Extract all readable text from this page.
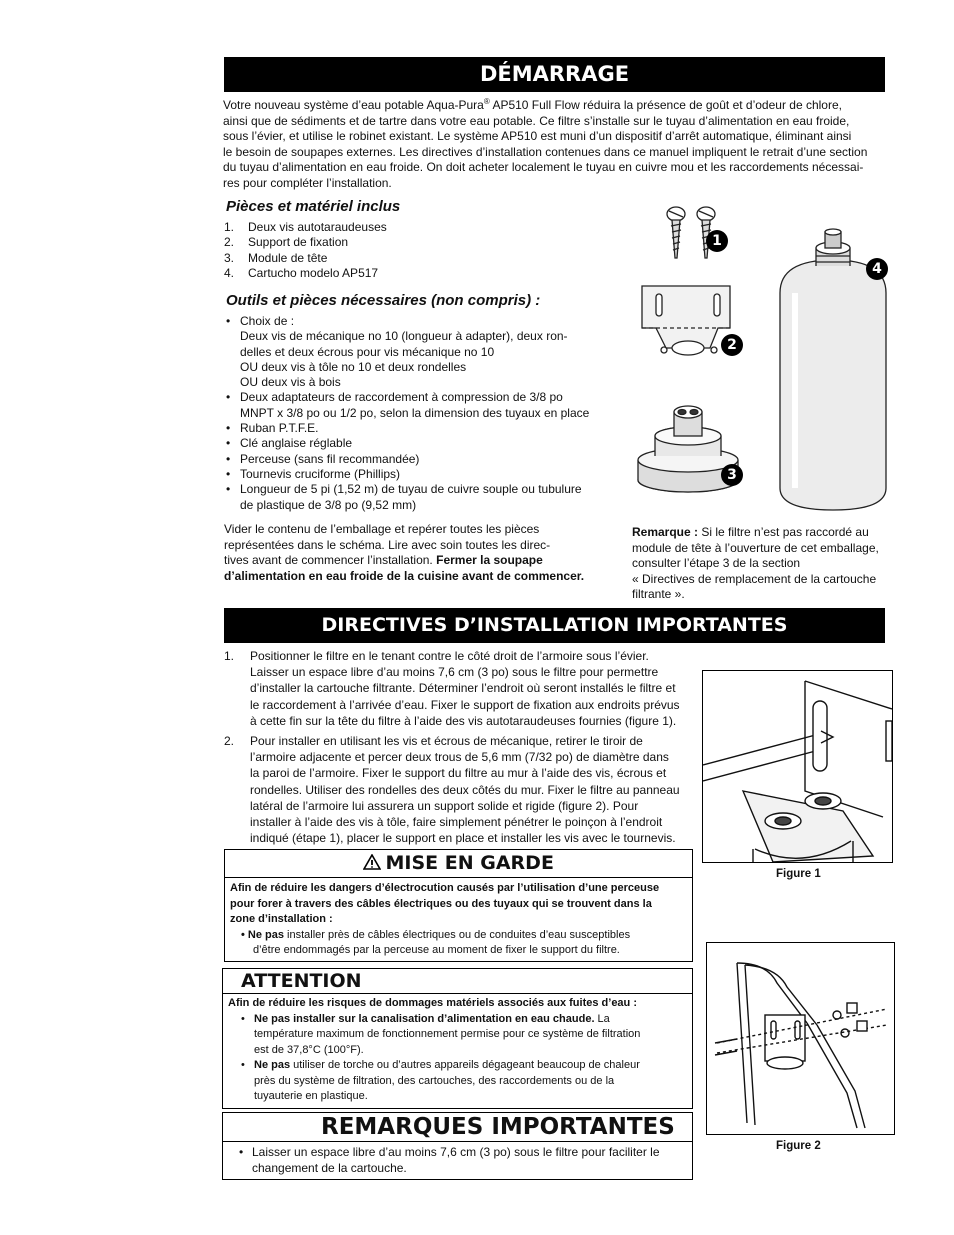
DÉMARRAGE
Votre nouveau système d’eau potable Aqua-Pura® AP510 Full Flow réduira la présence de goût et d’odeur de chlore,
ainsi que de sédiments et de tartre dans votre eau potable. Ce filtre s’installe sur le tuyau d’alimentation en eau froide,
sous l’évier, et utilise le robinet existant. Le système AP510 est muni d’un dispositif d’arrêt automatique, éliminant ainsi
le besoin de soupapes externes. Les directives d’installation contenues dans ce manuel impliquent le retrait d’une section
du tuyau d’alimentation en eau froide. On doit acheter localement le tuyau en cuivre mou et les raccordements nécessai-
res pour compléter l’installation.
Pièces et matériel inclus
1. Deux vis autotaraudeuses
2. Support de fixation
3. Module de tête
4. Cartucho modelo AP517
Outils et pièces nécessaires (non compris) :
• Choix de :
Deux vis de mécanique no 10 (longueur à adapter), deux ron-
delles et deux écrous pour vis mécanique no 10
OU deux vis à tôle no 10 et deux rondelles
OU deux vis à bois
• Deux adaptateurs de raccordement à compression de 3/8 po
MNPT x 3/8 po ou 1/2 po, selon la dimension des tuyaux en place
• Ruban P.T.F.E.
• Clé anglaise réglable
• Perceuse (sans fil recommandée)
• Tournevis cruciforme (Phillips)
• Longueur de 5 pi (1,52 m) de tuyau de cuivre souple ou tubulure
de plastique de 3/8 po (9,52 mm)
Vider le contenu de l’emballage et repérer toutes les pièces
représentées dans le schéma. Lire avec soin toutes les direc-
tives avant de commencer l’installation. Fermer la soupape
d’alimentation en eau froide de la cuisine avant de commencer.
Remarque : Si le filtre n’est pas raccordé au
module de tête à l’ouverture de cet emballage,
consulter l’étape 3 de la section
« Directives de remplacement de la cartouche
filtrante ».
1
2
3
4
DIRECTIVES D’INSTALLATION IMPORTANTES
1. Positionner le filtre en le tenant contre le côté droit de l’armoire sous l’évier.
Laisser un espace libre d’au moins 7,6 cm (3 po) sous le filtre pour permettre
d’installer la cartouche filtrante. Déterminer l’endroit où seront installés le filtre et
le raccordement à l’arrivée d’eau. Fixer le support de fixation aux endroits prévus
à cette fin sur la tête du filtre à l’aide des vis autotaraudeuses fournies (figure 1).
2. Pour installer en utilisant les vis et écrous de mécanique, retirer le tiroir de
l’armoire adjacente et percer deux trous de 5,6 mm (7/32 po) de diamètre dans
la paroi de l’armoire. Fixer le support du filtre au mur à l’aide des vis, écrous et
rondelles. Utiliser des rondelles des deux côtés du mur. Fixer le filtre au panneau
latéral de l’armoire lui assurera un support solide et rigide (figure 2). Pour
installer à l’aide des vis à tôle, faire simplement pénétrer le poinçon à l’endroit
indiqué (étape 1), placer le support en place et installer les vis avec le tournevis.
MISE EN GARDE
Afin de réduire les dangers d’électrocution causés par l’utilisation d’une perceuse
pour forer à travers des câbles électriques ou des tuyaux qui se trouvent dans la
zone d’installation :
• Ne pas installer près de câbles électriques ou de conduites d’eau susceptibles
d’être endommagés par la perceuse au moment de fixer le support du filtre.
ATTENTION
Afin de réduire les risques de dommages matériels associés aux fuites d’eau :
• Ne pas installer sur la canalisation d’alimentation en eau chaude. La
température maximum de fonctionnement permise pour ce système de filtration
est de 37,8°C (100°F).
• Ne pas utiliser de torche ou d’autres appareils dégageant beaucoup de chaleur
près du système de filtration, des cartouches, des raccordements ou de la
tuyauterie en plastique.
REMARQUES IMPORTANTES
• Laisser un espace libre d’au moins 7,6 cm (3 po) sous le filtre pour faciliter le
changement de la cartouche.
Figure 1
Figure 2
